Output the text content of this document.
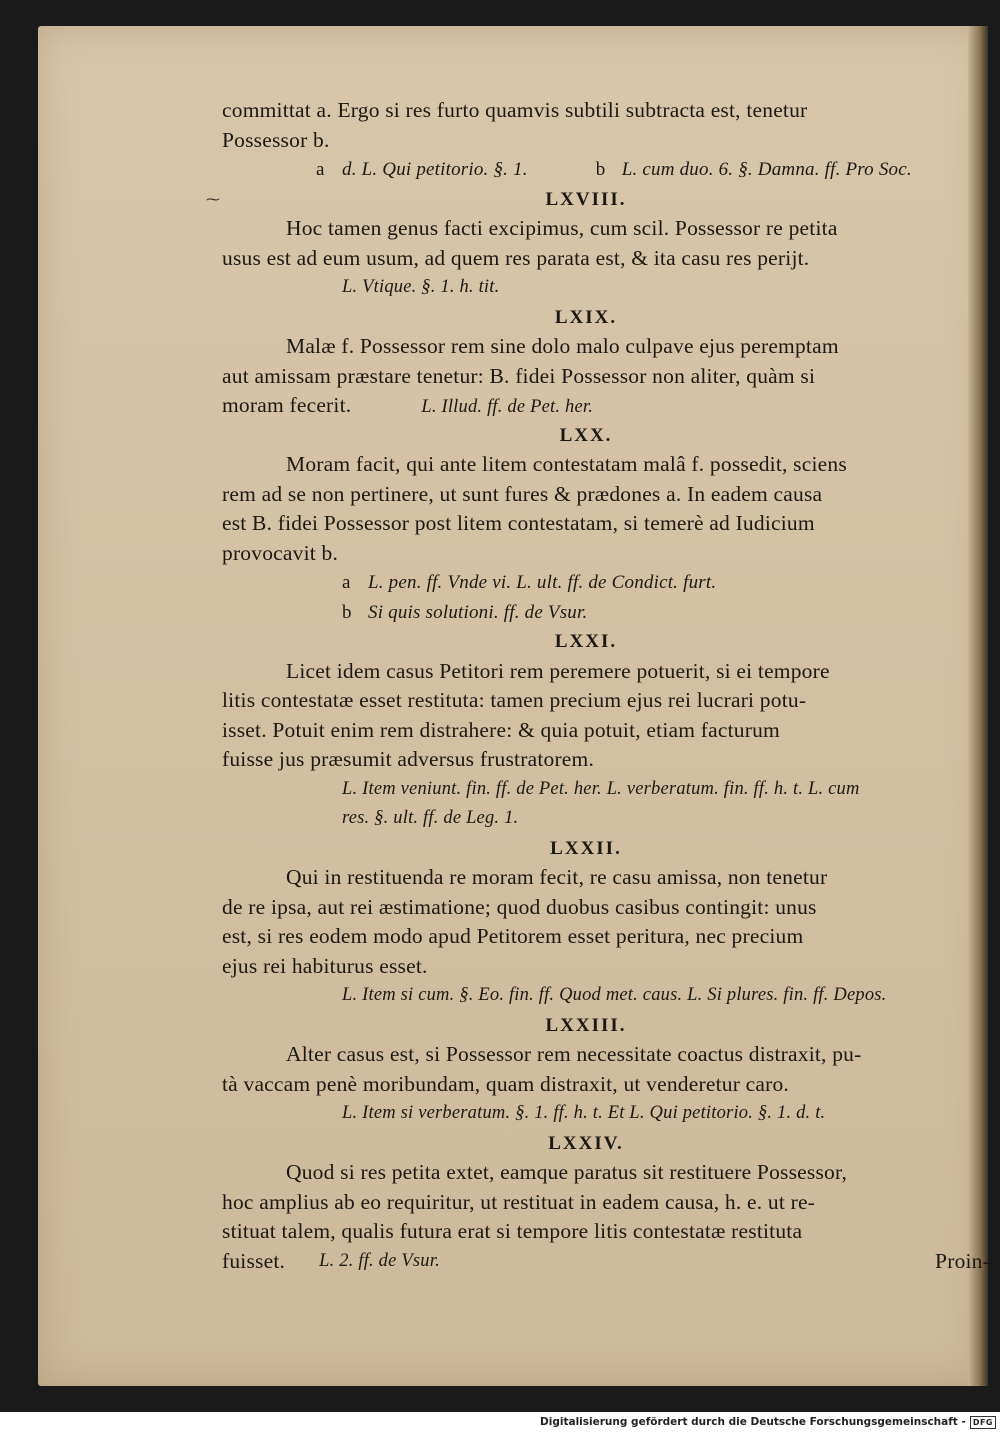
⁓
committat a. Ergo si res furto quamvis subtili subtracta est, tenetur
Possessor b.
a d. L. Qui petitorio. §. 1.	b L. cum duo. 6. §. Damna. ff. Pro Soc.
LXVIII.
Hoc tamen genus facti excipimus, cum scil. Possessor re petita
usus est ad eum usum, ad quem res parata est, & ita casu res perijt.
L. Vtique. §. 1. h. tit.
LXIX.
Malæ f. Possessor rem sine dolo malo culpave ejus peremptam
aut amissam præstare tenetur: B. fidei Possessor non aliter, quàm si
moram fecerit.	L. Illud. ff. de Pet. her.
LXX.
Moram facit, qui ante litem contestatam malâ f. possedit, sciens
rem ad se non pertinere, ut sunt fures & prædones a. In eadem causa
est B. fidei Possessor post litem contestatam, si temerè ad Iudicium
provocavit b.
a L. pen. ff. Vnde vi. L. ult. ff. de Condict. furt.
b Si quis solutioni. ff. de Vsur.
LXXI.
Licet idem casus Petitori rem peremere potuerit, si ei tempore
litis contestatæ esset restituta: tamen precium ejus rei lucrari potu-
isset. Potuit enim rem distrahere: & quia potuit, etiam facturum
fuisse jus præsumit adversus frustratorem.
L. Item veniunt. fin. ff. de Pet. her. L. verberatum. fin. ff. h. t. L. cum
res. §. ult. ff. de Leg. 1.
LXXII.
Qui in restituenda re moram fecit, re casu amissa, non tenetur
de re ipsa, aut rei æstimatione; quod duobus casibus contingit: unus
est, si res eodem modo apud Petitorem esset peritura, nec precium
ejus rei habiturus esset.
L. Item si cum. §. Eo. fin. ff. Quod met. caus. L. Si plures. fin. ff. Depos.
LXXIII.
Alter casus est, si Possessor rem necessitate coactus distraxit, pu-
tà vaccam penè moribundam, quam distraxit, ut venderetur caro.
L. Item si verberatum. §. 1. ff. h. t. Et L. Qui petitorio. §. 1. d. t.
LXXIV.
Quod si res petita extet, eamque paratus sit restituere Possessor,
hoc amplius ab eo requiritur, ut restituat in eadem causa, h. e. ut re-
stituat talem, qualis futura erat si tempore litis contestatæ restituta
fuisset.	L. 2. ff. de Vsur.	Proin-
Digitalisierung gefördert durch die Deutsche Forschungsgemeinschaft - DFG
